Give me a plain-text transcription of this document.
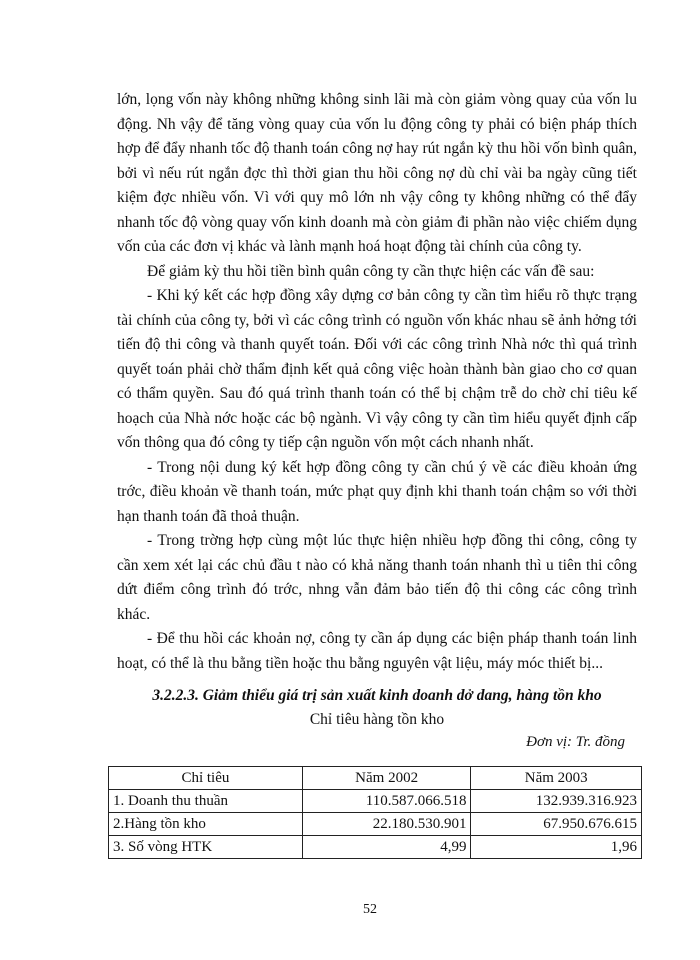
lớn, lọng vốn này không những không sinh lãi mà còn giảm vòng quay của vốn lu động. Nh vậy để tăng vòng quay của vốn lu động công ty phải có biện pháp thích hợp để đẩy nhanh tốc độ thanh toán công nợ hay rút ngắn kỳ thu hồi vốn bình quân, bởi vì nếu rút ngắn đợc thì thời gian thu hồi công nợ dù chỉ vài ba ngày cũng tiết kiệm đợc nhiều vốn. Vì với quy mô lớn nh vậy công ty không những có thể đẩy nhanh tốc độ vòng quay vốn kinh doanh mà còn giảm đi phần nào việc chiếm dụng vốn của các đơn vị khác và lành mạnh hoá hoạt động tài chính của công ty.

Để giảm kỳ thu hồi tiền bình quân công ty cần thực hiện các vấn đề sau:

- Khi ký kết các hợp đồng xây dựng cơ bản công ty cần tìm hiểu rõ thực trạng tài chính của công ty, bởi vì các công trình có nguồn vốn khác nhau sẽ ảnh hởng tới tiến độ thi công và thanh quyết toán. Đối với các công trình Nhà nớc thì quá trình quyết toán phải chờ thẩm định kết quả công việc hoàn thành bàn giao cho cơ quan có thẩm quyền. Sau đó quá trình thanh toán có thể bị chậm trễ do chờ chỉ tiêu kế hoạch của Nhà nớc hoặc các bộ ngành. Vì vậy công ty cần tìm hiểu quyết định cấp vốn thông qua đó công ty tiếp cận nguồn vốn một cách nhanh nhất.

- Trong nội dung ký kết hợp đồng công ty cần chú ý về các điều khoản ứng trớc, điều khoản về thanh toán, mức phạt quy định khi thanh toán chậm so với thời hạn thanh toán đã thoả thuận.

- Trong trờng hợp cùng một lúc thực hiện nhiều hợp đồng thi công, công ty cần xem xét lại các chủ đầu t nào có khả năng thanh toán nhanh thì u tiên thi công dứt điểm công trình đó trớc, nhng vẫn đảm bảo tiến độ thi công các công trình khác.

- Để thu hồi các khoản nợ, công ty cần áp dụng các biện pháp thanh toán linh hoạt, có thể là thu bằng tiền hoặc thu bằng nguyên vật liệu, máy móc thiết bị...

3.2.2.3. Giảm thiểu giá trị sản xuất kinh doanh dở dang, hàng tồn kho

Chỉ tiêu hàng tồn kho

Đơn vị: Tr. đồng

Chỉ tiêu	Năm 2002	Năm 2003
1. Doanh thu thuần	110.587.066.518	132.939.316.923
2.Hàng tồn kho	22.180.530.901	67.950.676.615
3. Số vòng HTK	4,99	1,96
52
